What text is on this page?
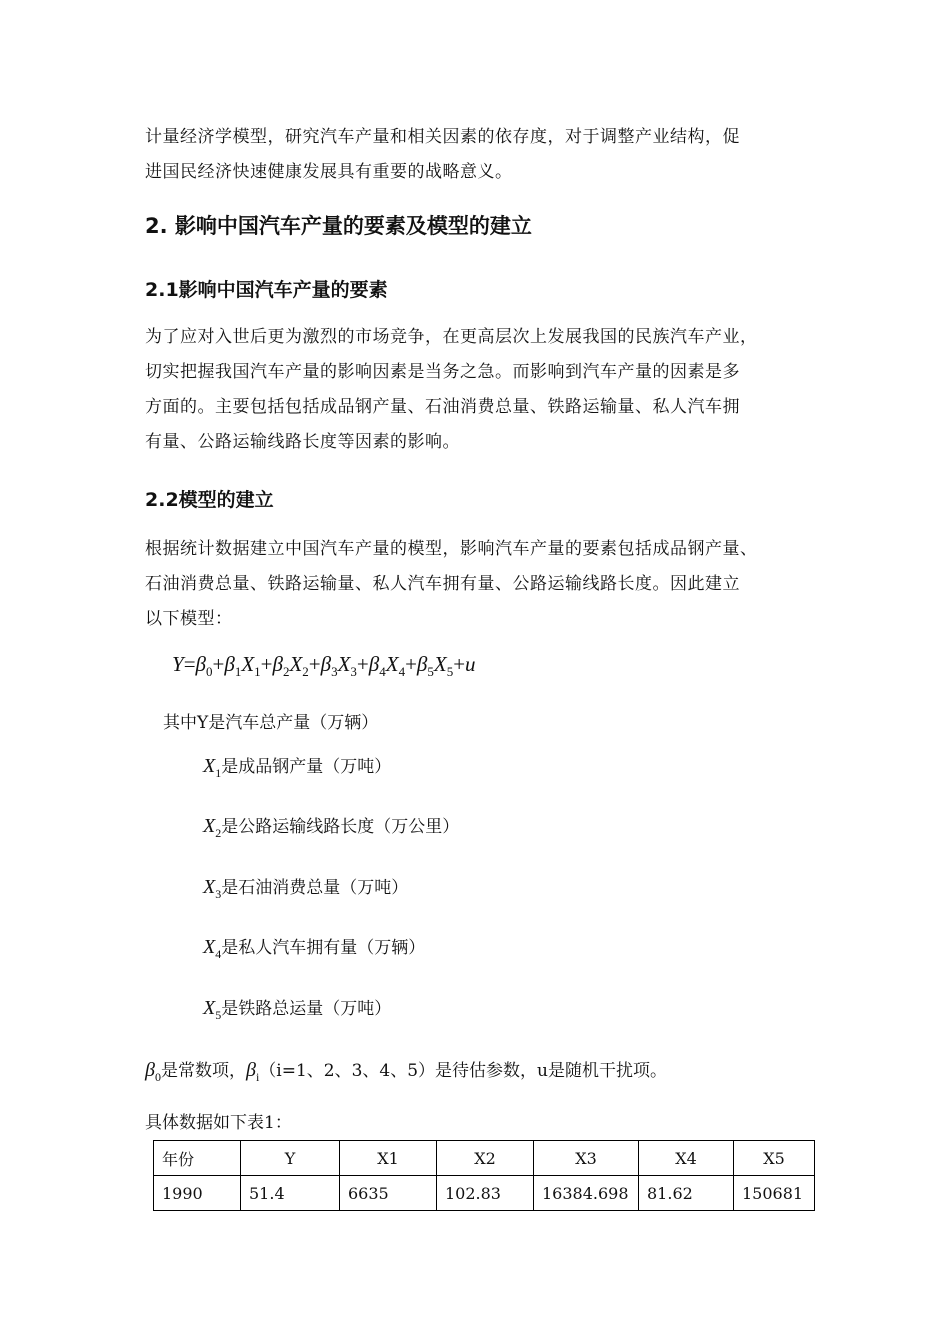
计量经济学模型，研究汽车产量和相关因素的依存度，对于调整产业结构，促
进国民经济快速健康发展具有重要的战略意义。

2. 影响中国汽车产量的要素及模型的建立
2.1影响中国汽车产量的要素

为了应对入世后更为激烈的市场竞争，在更高层次上发展我国的民族汽车产业，
切实把握我国汽车产量的影响因素是当务之急。而影响到汽车产量的因素是多
方面的。主要包括包括成品钢产量、石油消费总量、铁路运输量、私人汽车拥
有量、公路运输线路长度等因素的影响。

2.2模型的建立

根据统计数据建立中国汽车产量的模型，影响汽车产量的要素包括成品钢产量、
石油消费总量、铁路运输量、私人汽车拥有量、公路运输线路长度。因此建立
以下模型：

$Y=\beta_0+\beta_1X_1+\beta_2X_2+\beta_3X_3+\beta_4X_4+\beta_5X_5+u$
其中Y是汽车总产量（万辆）
$X_1$是成品钢产量（万吨）
$X_2$是公路运输线路长度（万公里）
$X_3$是石油消费总量（万吨）
$X_4$是私人汽车拥有量（万辆）
$X_5$是铁路总运量（万吨）
$\beta_0$是常数项，$\beta_i(i=1$、2、3、4、5）是待估参数，u是随机干扰项。
具体数据如下表1：
年份	Y	X1	X2	X3	X4	X5
1990	51.4	6635	102.83	16384.698	81.62	150681
